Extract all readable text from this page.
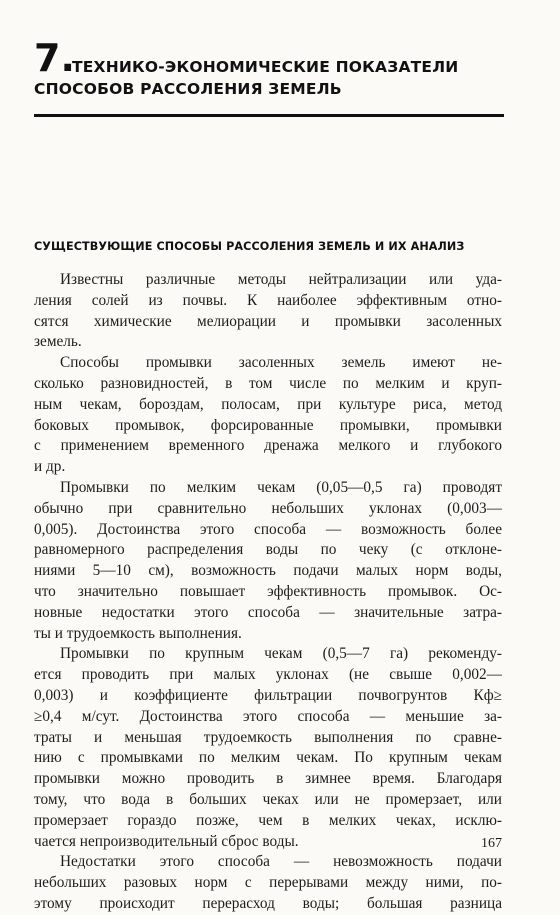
7.
ТЕХНИКО-ЭКОНОМИЧЕСКИЕ ПОКАЗАТЕЛИ
СПОСОБОВ РАССОЛЕНИЯ ЗЕМЕЛЬ
СУЩЕСТВУЮЩИЕ СПОСОБЫ РАССОЛЕНИЯ ЗЕМЕЛЬ И ИХ АНАЛИЗ
Известны различные методы нейтрализации или уда-
ления солей из почвы. К наиболее эффективным отно-
сятся химические мелиорации и промывки засоленных
земель.
Способы промывки засоленных земель имеют не-
сколько разновидностей, в том числе по мелким и круп-
ным чекам, бороздам, полосам, при культуре риса, метод
боковых промывок, форсированные промывки, промывки
с применением временного дренажа мелкого и глубокого
и др.
Промывки по мелким чекам (0,05—0,5 га) проводят
обычно при сравнительно небольших уклонах (0,003—
0,005). Достоинства этого способа — возможность более
равномерного распределения воды по чеку (с отклоне-
ниями 5—10 см), возможность подачи малых норм воды,
что значительно повышает эффективность промывок. Ос-
новные недостатки этого способа — значительные затра-
ты и трудоемкость выполнения.
Промывки по крупным чекам (0,5—7 га) рекоменду-
ется проводить при малых уклонах (не свыше 0,002—
0,003) и коэффициенте фильтрации почвогрунтов Кф≥
≥0,4 м/сут. Достоинства этого способа — меньшие за-
траты и меньшая трудоемкость выполнения по сравне-
нию с промывками по мелким чекам. По крупным чекам
промывки можно проводить в зимнее время. Благодаря
тому, что вода в больших чеках или не промерзает, или
промерзает гораздо позже, чем в мелких чеках, исклю-
чается непроизводительный сброс воды.
Недостатки этого способа — невозможность подачи
небольших разовых норм с перерывами между ними, по-
этому происходит перерасход воды; большая разница
167
